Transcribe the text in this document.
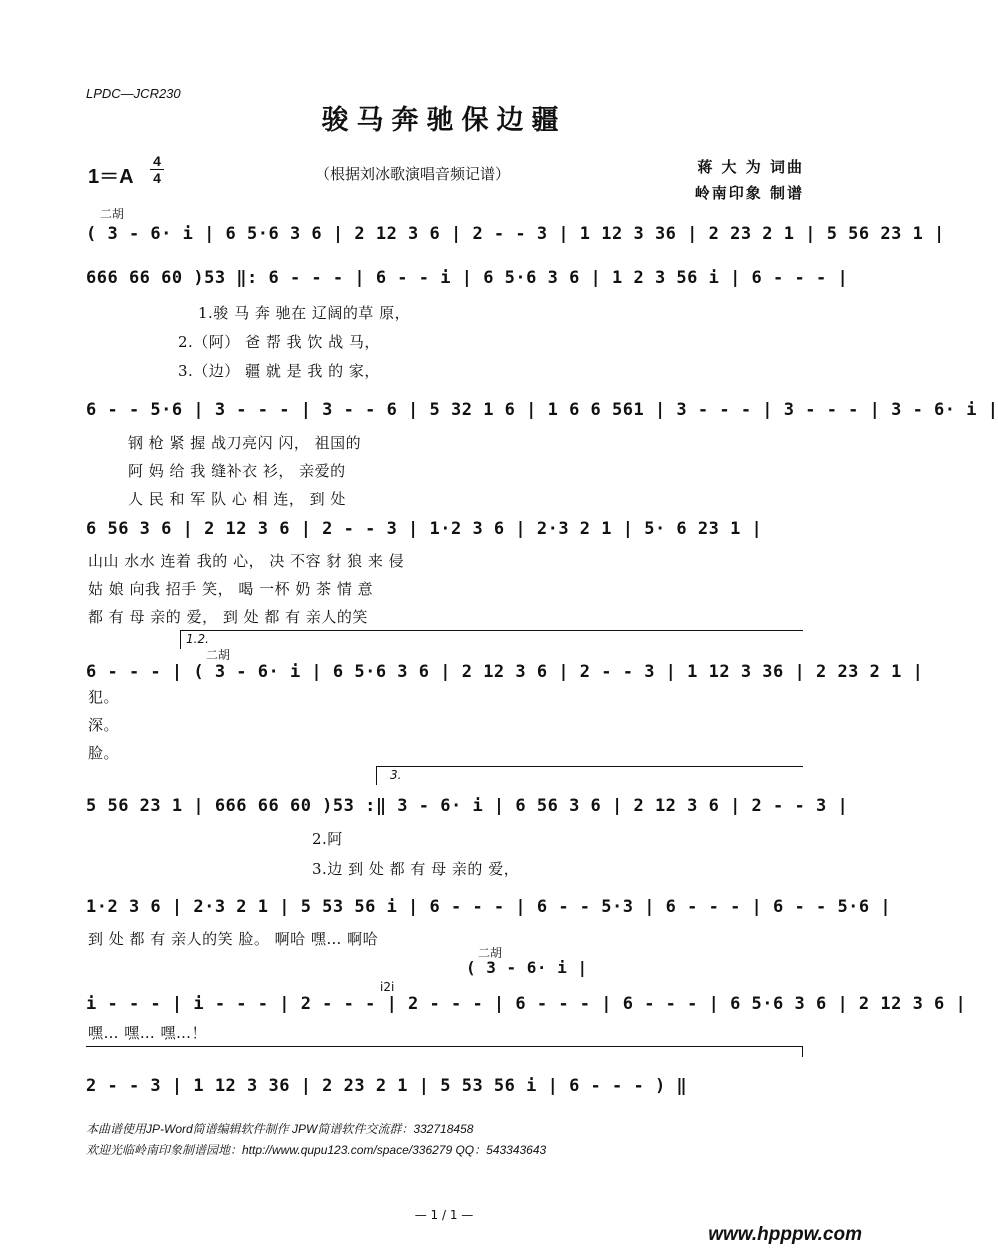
LPDC—JCR230
骏马奔驰保边疆
1＝A
4
4	（根据刘冰歌演唱音频记谱）	蒋 大 为 词曲
岭南印象 制谱
二胡
( 3 - 6· i | 6 5·6 3 6 | 2 12 3 6 | 2 - - 3 | 1 12 3 36 | 2 23 2 1 | 5 56 23 1 |
666 66 60 )53 ‖: 6 - - - | 6 - - i | 6 5·6 3 6 | 1 2 3 56 i | 6 - - - |
1.骏 马 奔 驰在 辽阔的草 原，
2.（阿） 爸 帮 我 饮 战 马，
3.（边） 疆 就 是 我 的 家，
6 - - 5·6 | 3 - - - | 3 - - 6 | 5 32 1 6 | 1 6 6 561 | 3 - - - | 3 - - - | 3 - 6· i |
钢 枪 紧 握 战刀亮闪 闪， 祖国的
阿 妈 给 我 缝补衣 衫， 亲爱的
人 民 和 军 队 心 相 连， 到 处
6 56 3 6 | 2 12 3 6 | 2 - - 3 | 1·2 3 6 | 2·3 2 1 | 5· 6 23 1 |
山山 水水 连着 我的 心， 决 不容 豺 狼 来 侵
姑 娘 向我 招手 笑， 喝 一杯 奶 茶 情 意
都 有 母 亲的 爱， 到 处 都 有 亲人的笑
1.2.
二胡
6 - - - | ( 3 - 6· i | 6 5·6 3 6 | 2 12 3 6 | 2 - - 3 | 1 12 3 36 | 2 23 2 1 |
犯。
深。
脸。
3.
5 56 23 1 | 666 66 60 )53 :‖ 3 - 6· i | 6 56 3 6 | 2 12 3 6 | 2 - - 3 |
2.阿
3.边 到 处 都 有 母 亲的 爱，
1·2 3 6 | 2·3 2 1 | 5 53 56 i | 6 - - - | 6 - - 5·3 | 6 - - - | 6 - - 5·6 |
到 处 都 有 亲人的笑 脸。 啊哈 嘿… 啊哈
二胡
( 3 - 6· i |
i2i
i - - - | i - - - | 2 - - - | 2 - - - | 6 - - - | 6 - - - | 6 5·6 3 6 | 2 12 3 6 |
嘿… 嘿… 嘿…！
2 - - 3 | 1 12 3 36 | 2 23 2 1 | 5 53 56 i | 6 - - - ) ‖
本曲谱使用JP-Word简谱编辑软件制作 JPW简谱软件交流群：332718458
欢迎光临岭南印象制谱园地：http://www.qupu123.com/space/336279 QQ：543343643
— 1 / 1 —
www.hpppw.com
